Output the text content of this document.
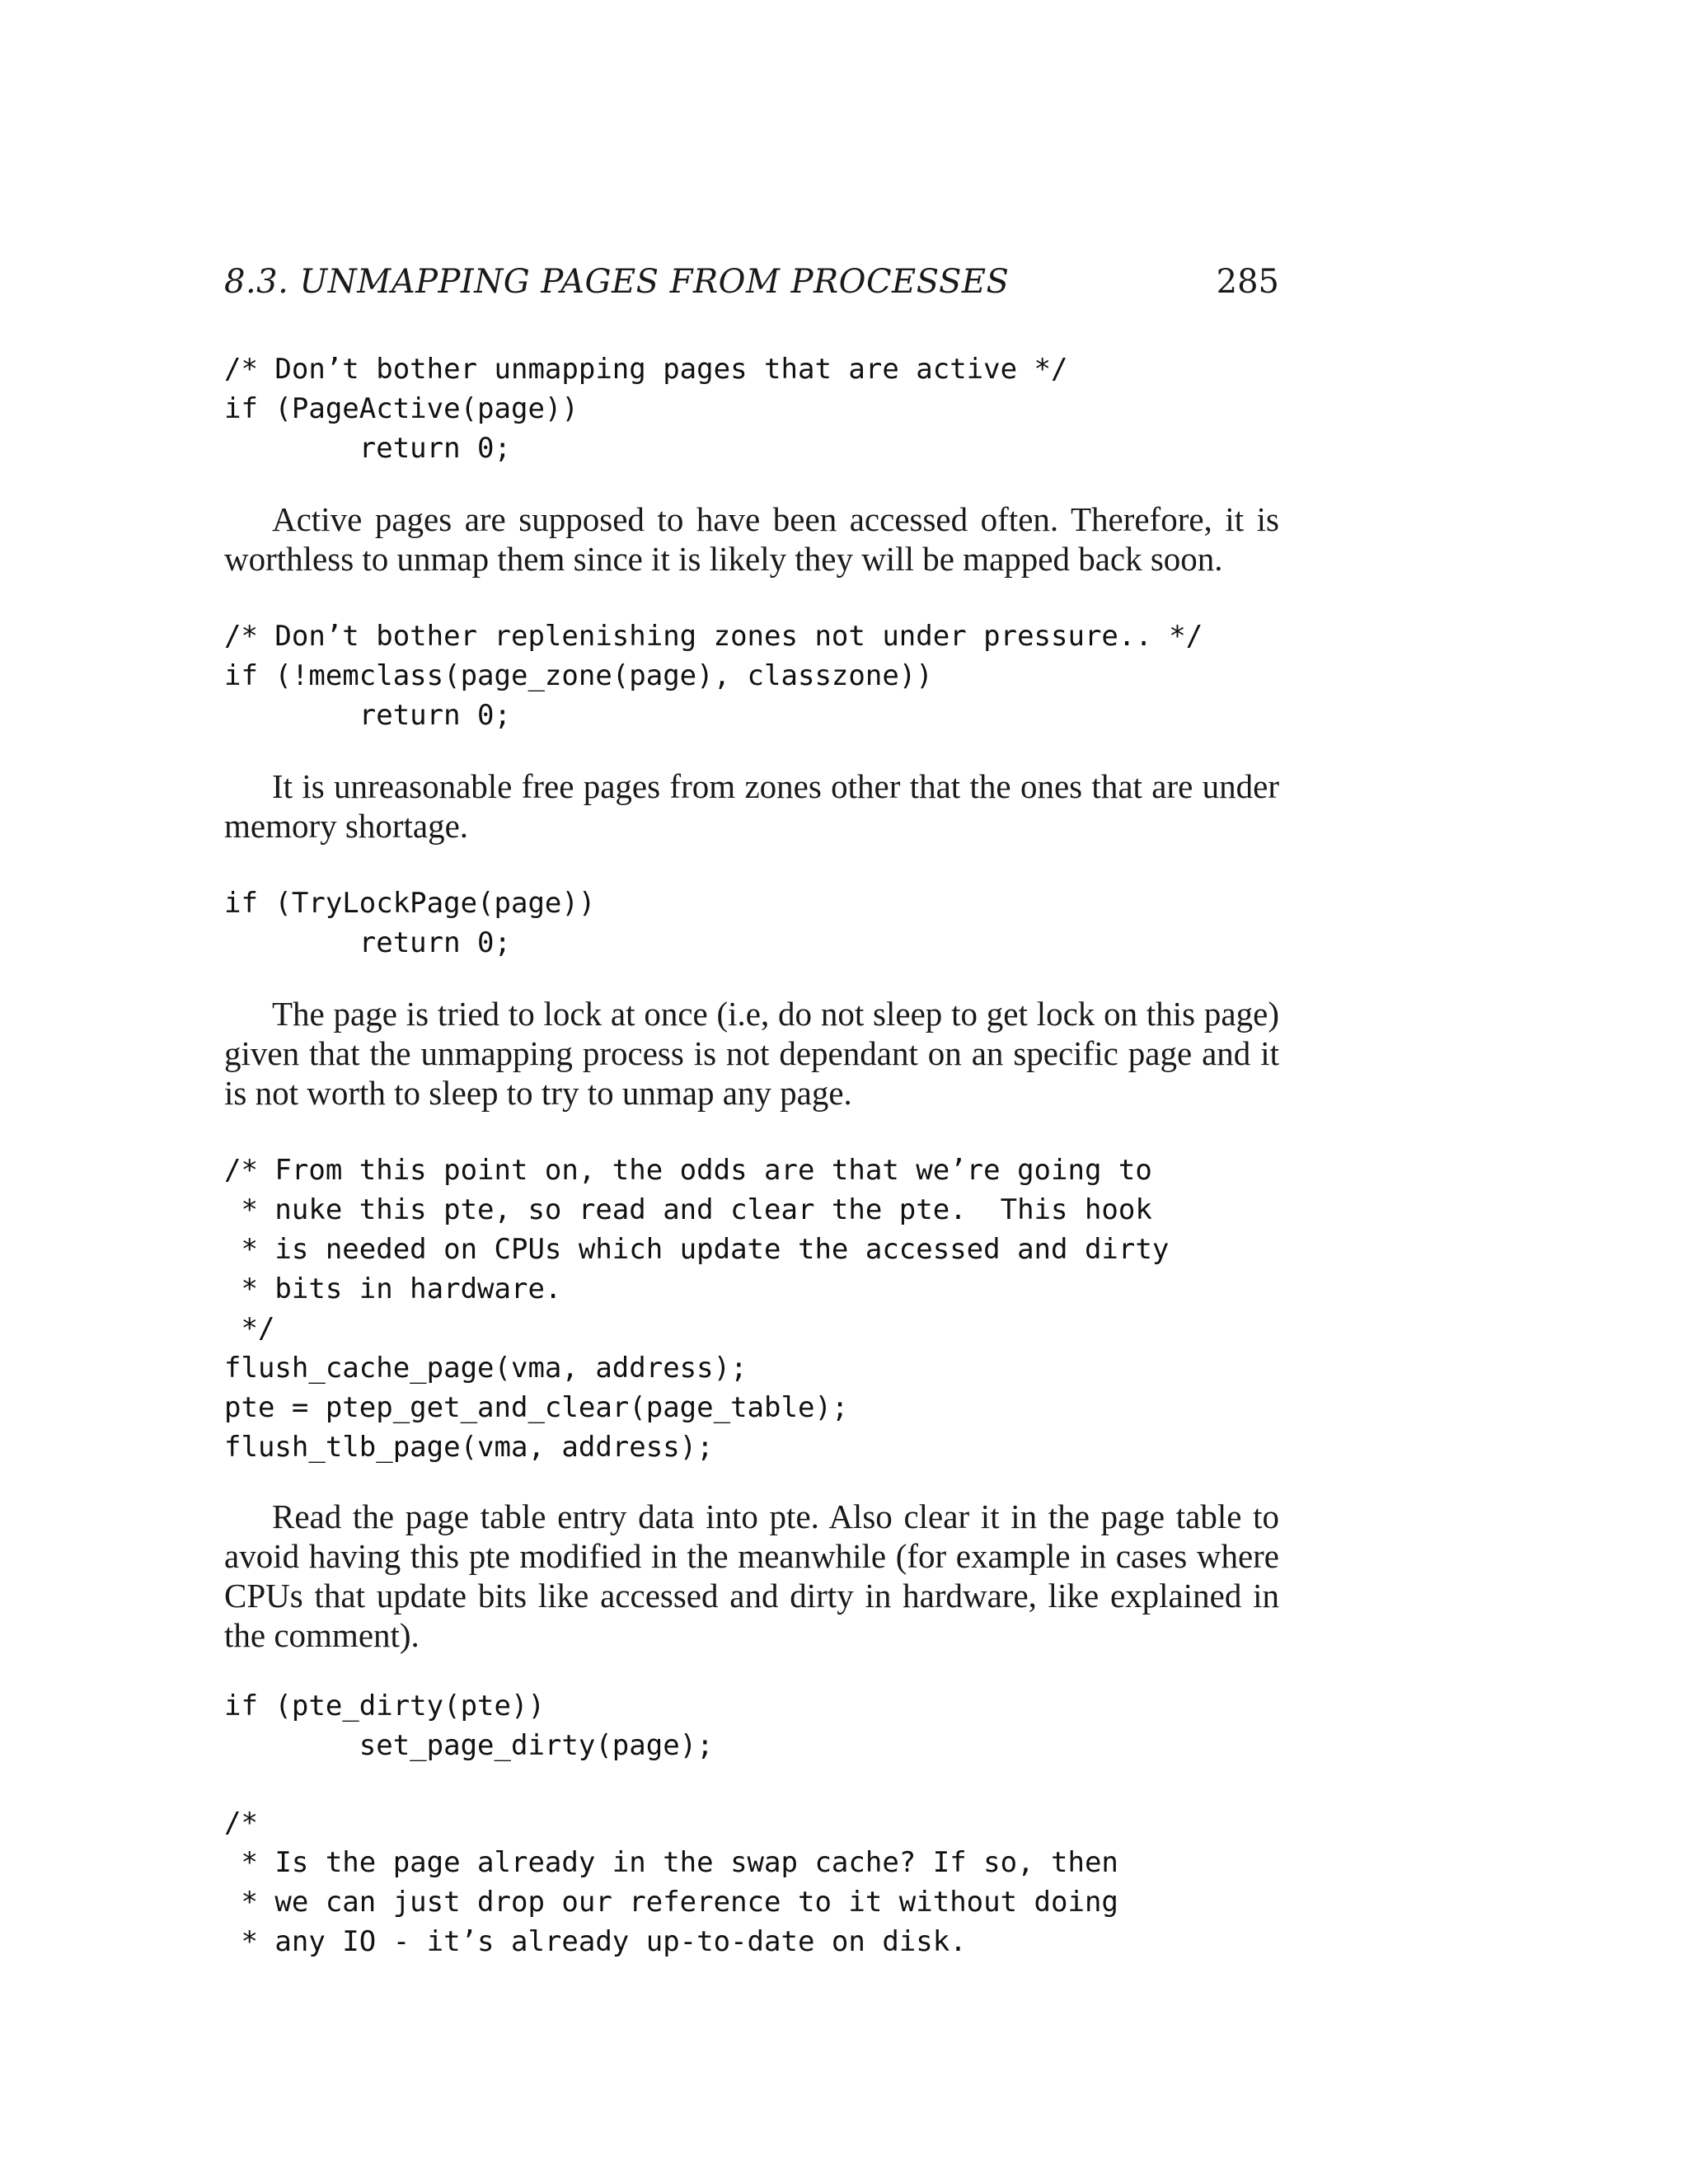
8.3. UNMAPPING PAGES FROM PROCESSES	285
/* Don’t bother unmapping pages that are active */
if (PageActive(page))
return 0;

Active pages are supposed to have been accessed often. Therefore, it is worthless to unmap them since it is likely they will be mapped back soon.

/* Don’t bother replenishing zones not under pressure.. */
if (!memclass(page_zone(page), classzone))
return 0;

It is unreasonable free pages from zones other that the ones that are under memory shortage.

if (TryLockPage(page))
return 0;

The page is tried to lock at once (i.e, do not sleep to get lock on this page) given that the unmapping process is not dependant on an specific page and it is not worth to sleep to try to unmap any page.

/* From this point on, the odds are that we’re going to
* nuke this pte, so read and clear the pte.  This hook
* is needed on CPUs which update the accessed and dirty
* bits in hardware.
*/
flush_cache_page(vma, address);
pte = ptep_get_and_clear(page_table);
flush_tlb_page(vma, address);

Read the page table entry data into pte. Also clear it in the page table to avoid having this pte modified in the meanwhile (for example in cases where CPUs that update bits like accessed and dirty in hardware, like explained in the comment).

if (pte_dirty(pte))
set_page_dirty(page);
/*
* Is the page already in the swap cache? If so, then
* we can just drop our reference to it without doing
* any IO - it’s already up-to-date on disk.
